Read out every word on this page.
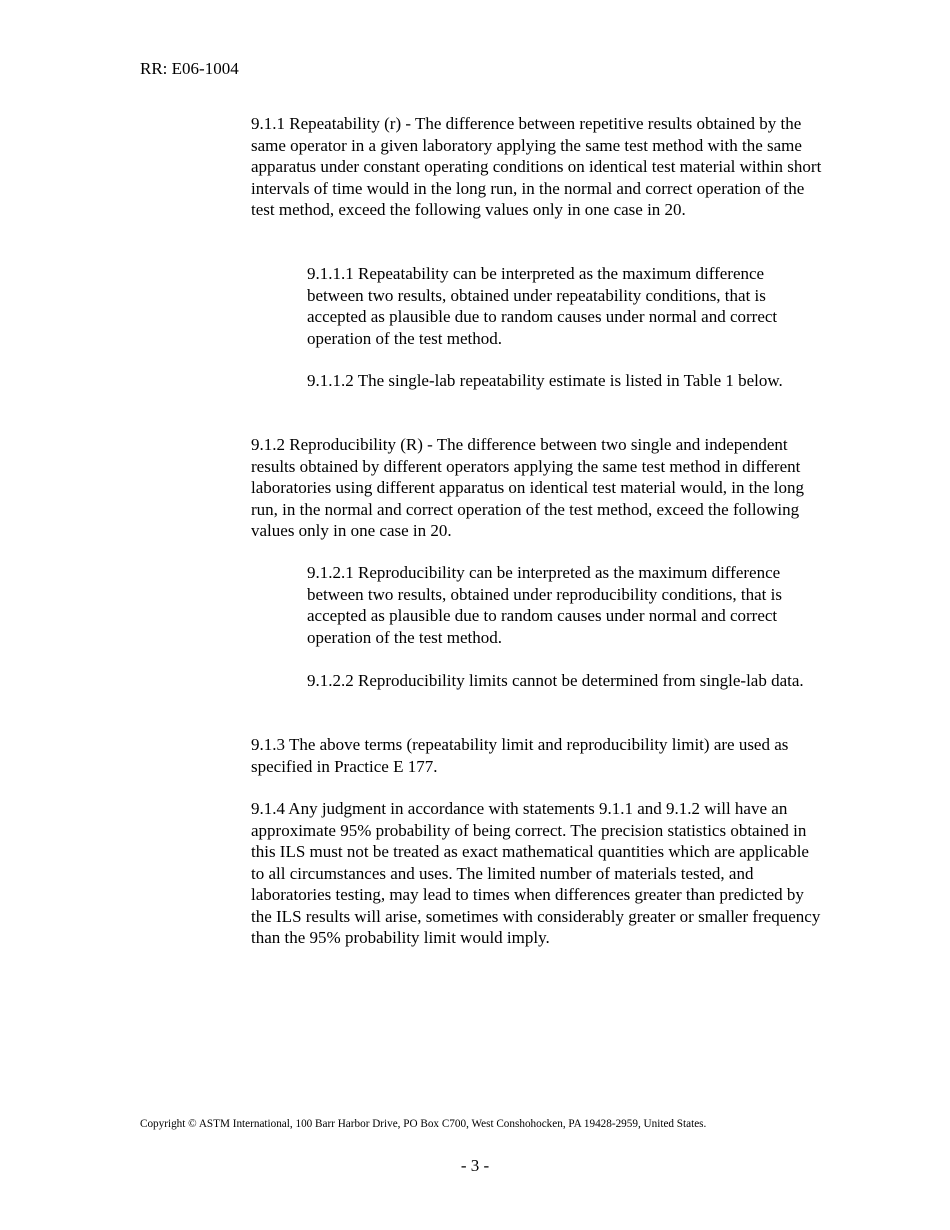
RR: E06-1004

9.1.1 Repeatability (r) - The difference between repetitive results obtained by the same operator in a given laboratory applying the same test method with the same apparatus under constant operating conditions on identical test material within short intervals of time would in the long run, in the normal and correct operation of the test method, exceed the following values only in one case in 20.

9.1.1.1 Repeatability can be interpreted as the maximum difference between two results, obtained under repeatability conditions, that is accepted as plausible due to random causes under normal and correct operation of the test method.

9.1.1.2 The single-lab repeatability estimate is listed in Table 1 below.

9.1.2 Reproducibility (R) - The difference between two single and independent results obtained by different operators applying the same test method in different laboratories using different apparatus on identical test material would, in the long run, in the normal and correct operation of the test method, exceed the following values only in one case in 20.

9.1.2.1 Reproducibility can be interpreted as the maximum difference between two results, obtained under reproducibility conditions, that is accepted as plausible due to random causes under normal and correct operation of the test method.

9.1.2.2 Reproducibility limits cannot be determined from single-lab data.

9.1.3 The above terms (repeatability limit and reproducibility limit) are used as specified in Practice E 177.

9.1.4 Any judgment in accordance with statements 9.1.1 and 9.1.2 will have an approximate 95% probability of being correct. The precision statistics obtained in this ILS must not be treated as exact mathematical quantities which are applicable to all circumstances and uses. The limited number of materials tested, and laboratories testing, may lead to times when differences greater than predicted by the ILS results will arise, sometimes with considerably greater or smaller frequency than the 95% probability limit would imply.

Copyright © ASTM International, 100 Barr Harbor Drive, PO Box C700, West Conshohocken, PA 19428-2959, United States.
- 3 -
